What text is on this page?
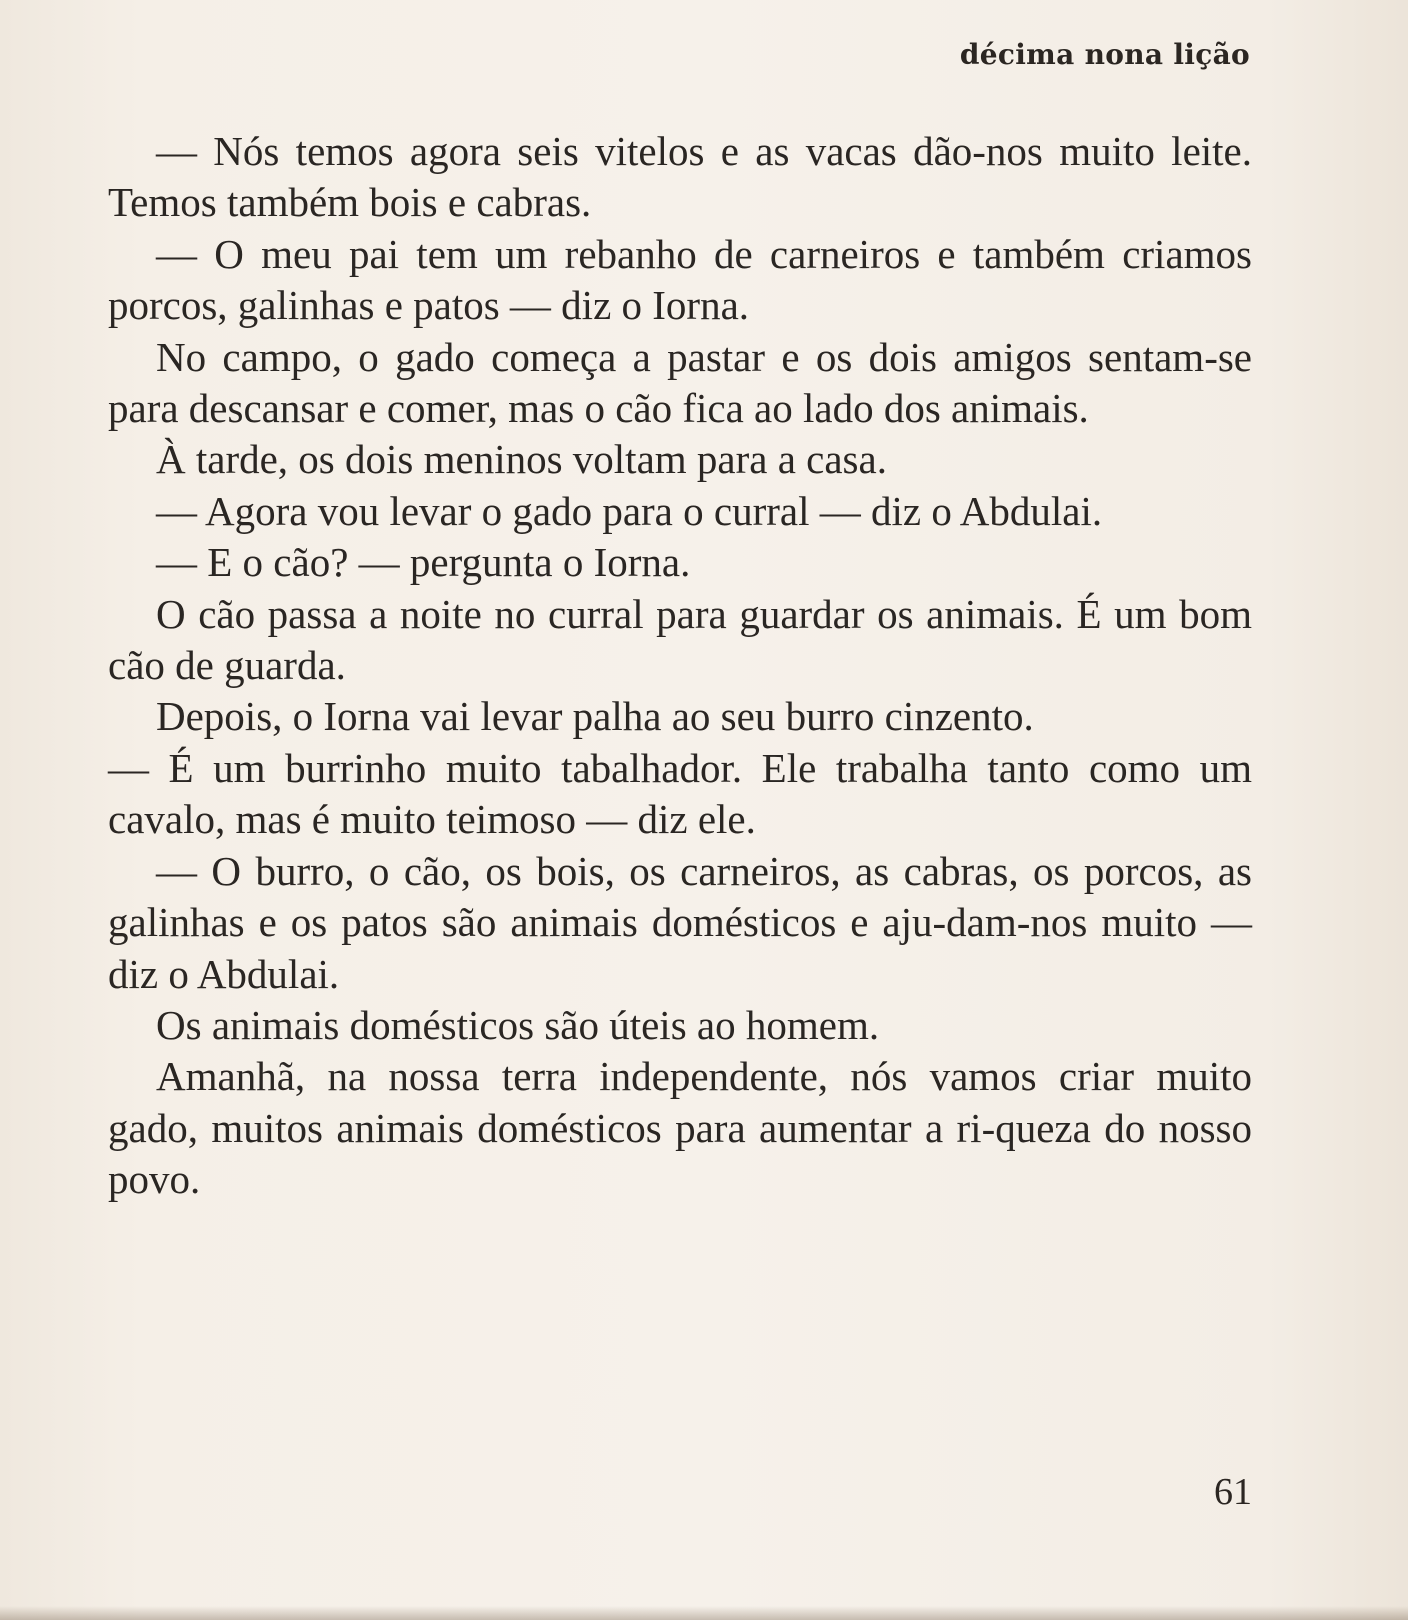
décima nona lição

— Nós temos agora seis vitelos e as vacas dão-nos muito leite. Temos também bois e cabras.

— O meu pai tem um rebanho de carneiros e também criamos porcos, galinhas e patos — diz o Iorna.

No campo, o gado começa a pastar e os dois amigos sentam-se para descansar e comer, mas o cão fica ao lado dos animais.

À tarde, os dois meninos voltam para a casa.

— Agora vou levar o gado para o curral — diz o Abdulai.

— E o cão? — pergunta o Iorna.

O cão passa a noite no curral para guardar os animais. É um bom cão de guarda.

Depois, o Iorna vai levar palha ao seu burro cinzento.

— É um burrinho muito tabalhador. Ele trabalha tanto como um cavalo, mas é muito teimoso — diz ele.

— O burro, o cão, os bois, os carneiros, as cabras, os porcos, as galinhas e os patos são animais domésticos e aju-dam-nos muito — diz o Abdulai.

Os animais domésticos são úteis ao homem.

Amanhã, na nossa terra independente, nós vamos criar muito gado, muitos animais domésticos para aumentar a ri-queza do nosso povo.

61
